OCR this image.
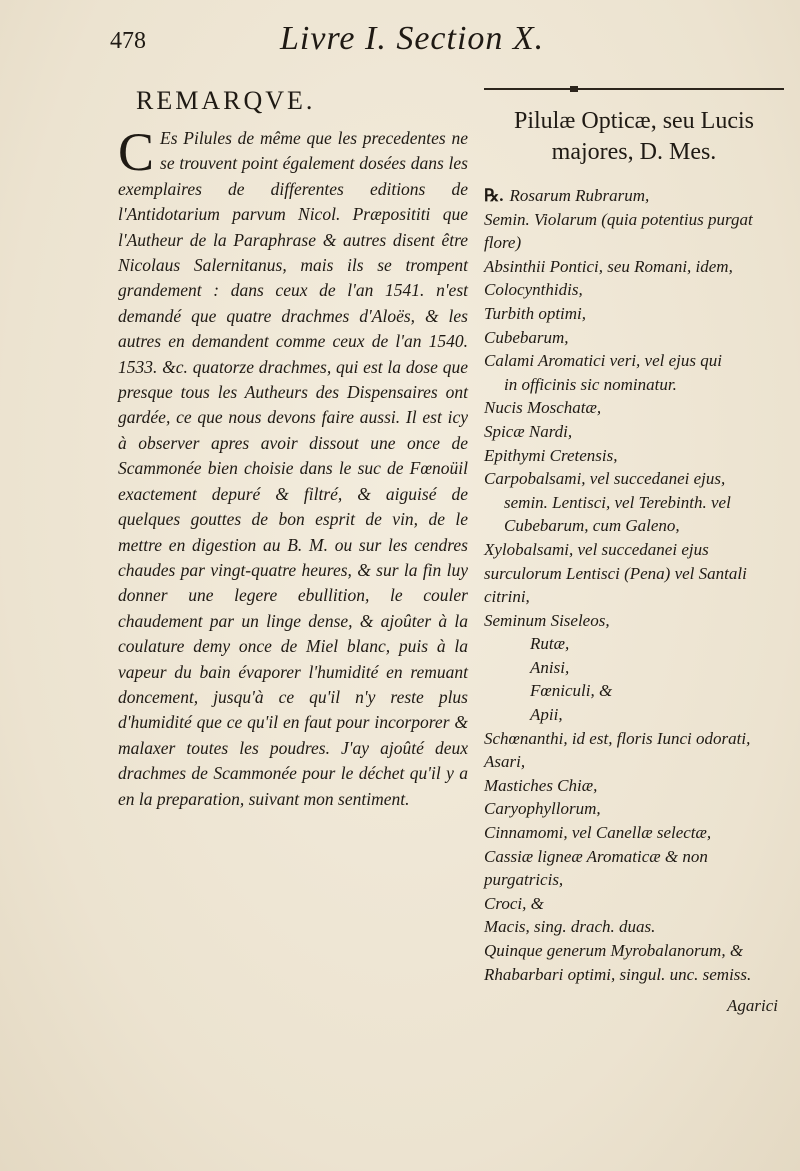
478	Livre I. Section X.
REMARQVE.

C Es Pilules de même que les precedentes ne se trouvent point également dosées dans les exemplaires de differentes editions de l'Antidotarium parvum Nicol. Præposititi que l'Autheur de la Paraphrase & autres disent être Nicolaus Salernitanus, mais ils se trompent grandement : dans ceux de l'an 1541. n'est demandé que quatre drachmes d'Aloës, & les autres en demandent comme ceux de l'an 1540. 1533. &c. quatorze drachmes, qui est la dose que presque tous les Autheurs des Dispensaires ont gardée, ce que nous devons faire aussi. Il est icy à observer apres avoir dissout une once de Scammonée bien choisie dans le suc de Fœnoüil exactement depuré & filtré, & aiguisé de quelques gouttes de bon esprit de vin, de le mettre en digestion au B. M. ou sur les cendres chaudes par vingt-quatre heures, & sur la fin luy donner une legere ebullition, le couler chaudement par un linge dense, & ajoûter à la coulature demy once de Miel blanc, puis à la vapeur du bain évaporer l'humidité en remuant doncement, jusqu'à ce qu'il n'y reste plus d'humidité que ce qu'il en faut pour incorporer & malaxer toutes les poudres. J'ay ajoûté deux drachmes de Scammonée pour le déchet qu'il y a en la preparation, suivant mon sentiment.

Pilulæ Opticæ, seu Lucis majores, D. Mes.
℞. Rosarum Rubrarum,
Semin. Violarum (quia potentius purgat flore)
Absinthii Pontici, seu Romani, idem,
Colocynthidis,
Turbith optimi,
Cubebarum,
Calami Aromatici veri, vel ejus qui
in officinis sic nominatur.
Nucis Moschatæ,
Spicæ Nardi,
Epithymi Cretensis,
Carpobalsami, vel succedanei ejus,
semin. Lentisci, vel Terebinth. vel
Cubebarum, cum Galeno,
Xylobalsami, vel succedanei ejus surculorum Lentisci (Pena) vel Santali citrini,
Seminum Siseleos,
Rutæ,
Anisi,
Fœniculi, &
Apii,
Schœnanthi, id est, floris Iunci odorati,
Asari,
Mastiches Chiæ,
Caryophyllorum,
Cinnamomi, vel Canellæ selectæ,
Cassiæ ligneæ Aromaticæ & non purgatricis,
Croci, &
Macis, sing. drach. duas.
Quinque generum Myrobalanorum, &
Rhabarbari optimi, singul. unc. semiss.
Agarici
